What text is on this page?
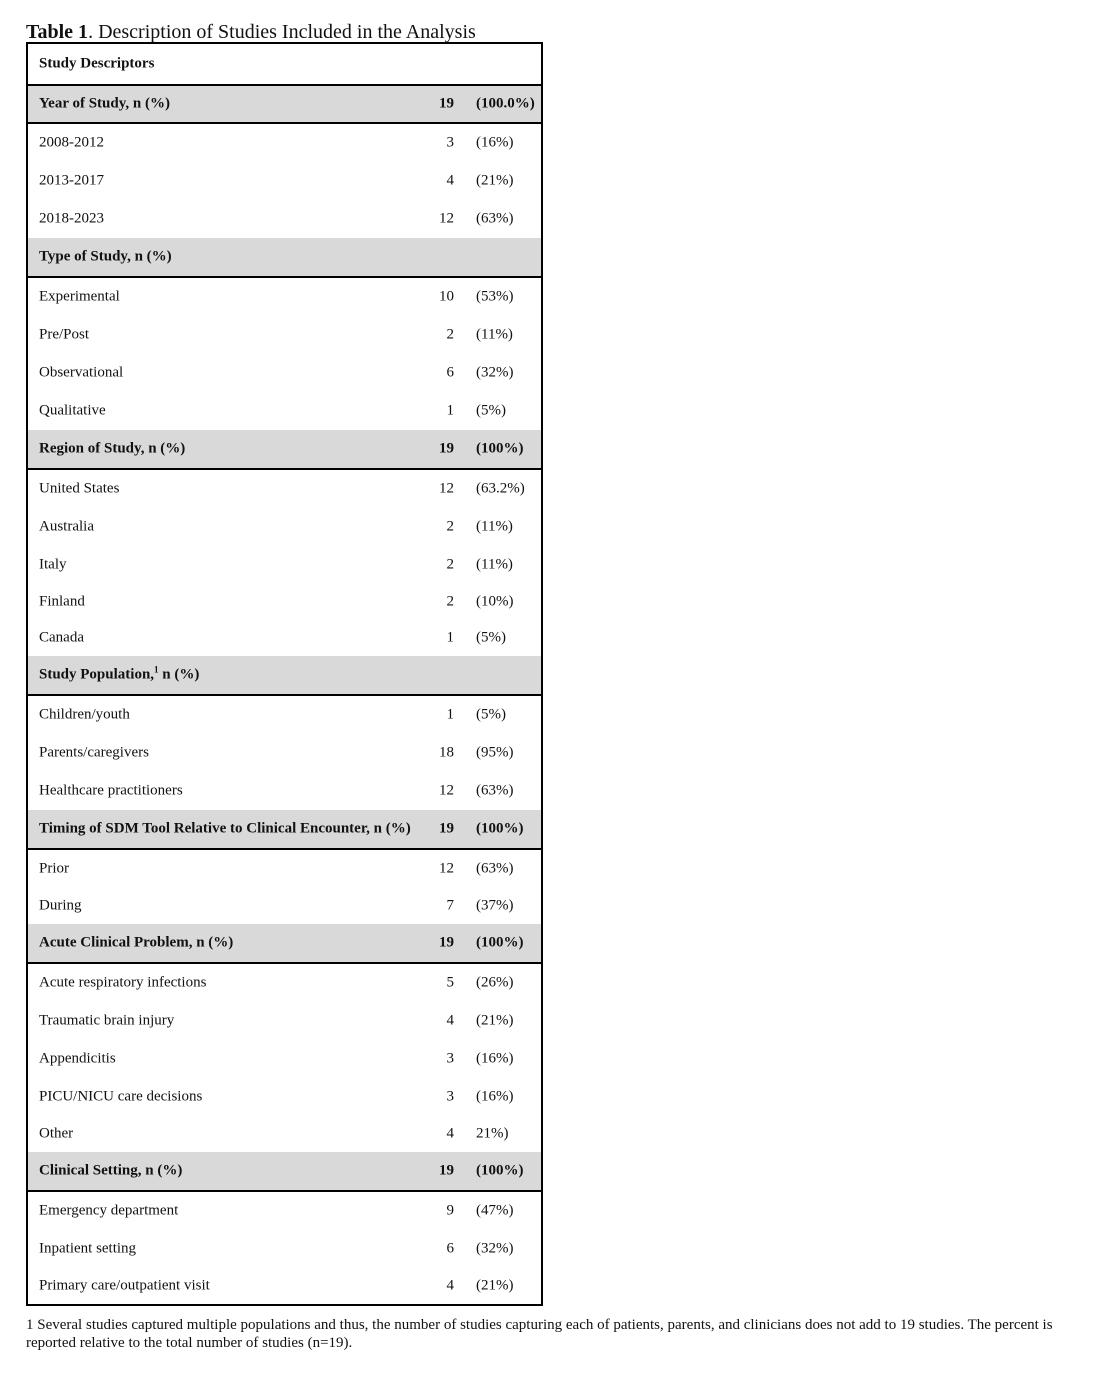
Table 1. Description of Studies Included in the Analysis
Study Descriptors
Year of Study, n (%)	19 (100.0%)
2008-2012	3 (16%)
2013-2017	4 (21%)
2018-2023	12 (63%)
Type of Study, n (%)
Experimental	10 (53%)
Pre/Post	2 (11%)
Observational	6 (32%)
Qualitative	1 (5%)
Region of Study, n (%)	19 (100%)
United States	12 (63.2%)
Australia	2 (11%)
Italy	2 (11%)
Finland	2 (10%)
Canada	1 (5%)
Study Population,$^1$ n (%)
Children/youth	1 (5%)
Parents/caregivers	18 (95%)
Healthcare practitioners	12 (63%)
Timing of SDM Tool Relative to Clinical Encounter, n (%) 19 (100%)
Prior	12 (63%)
During	7 (37%)
Acute Clinical Problem, n (%)	19 (100%)
Acute respiratory infections	5 (26%)
Traumatic brain injury	4 (21%)
Appendicitis	3 (16%)
PICU/NICU care decisions	3 (16%)
Other	4 21%)
Clinical Setting, n (%)	19 (100%)
Emergency department	9 (47%)
Inpatient setting	6 (32%)
Primary care/outpatient visit	4 (21%)
1 Several studies captured multiple populations and thus, the number of studies capturing each of patients, parents, and clinicians does not add to 19 studies. The percent is reported relative to the total number of studies (n=19).
